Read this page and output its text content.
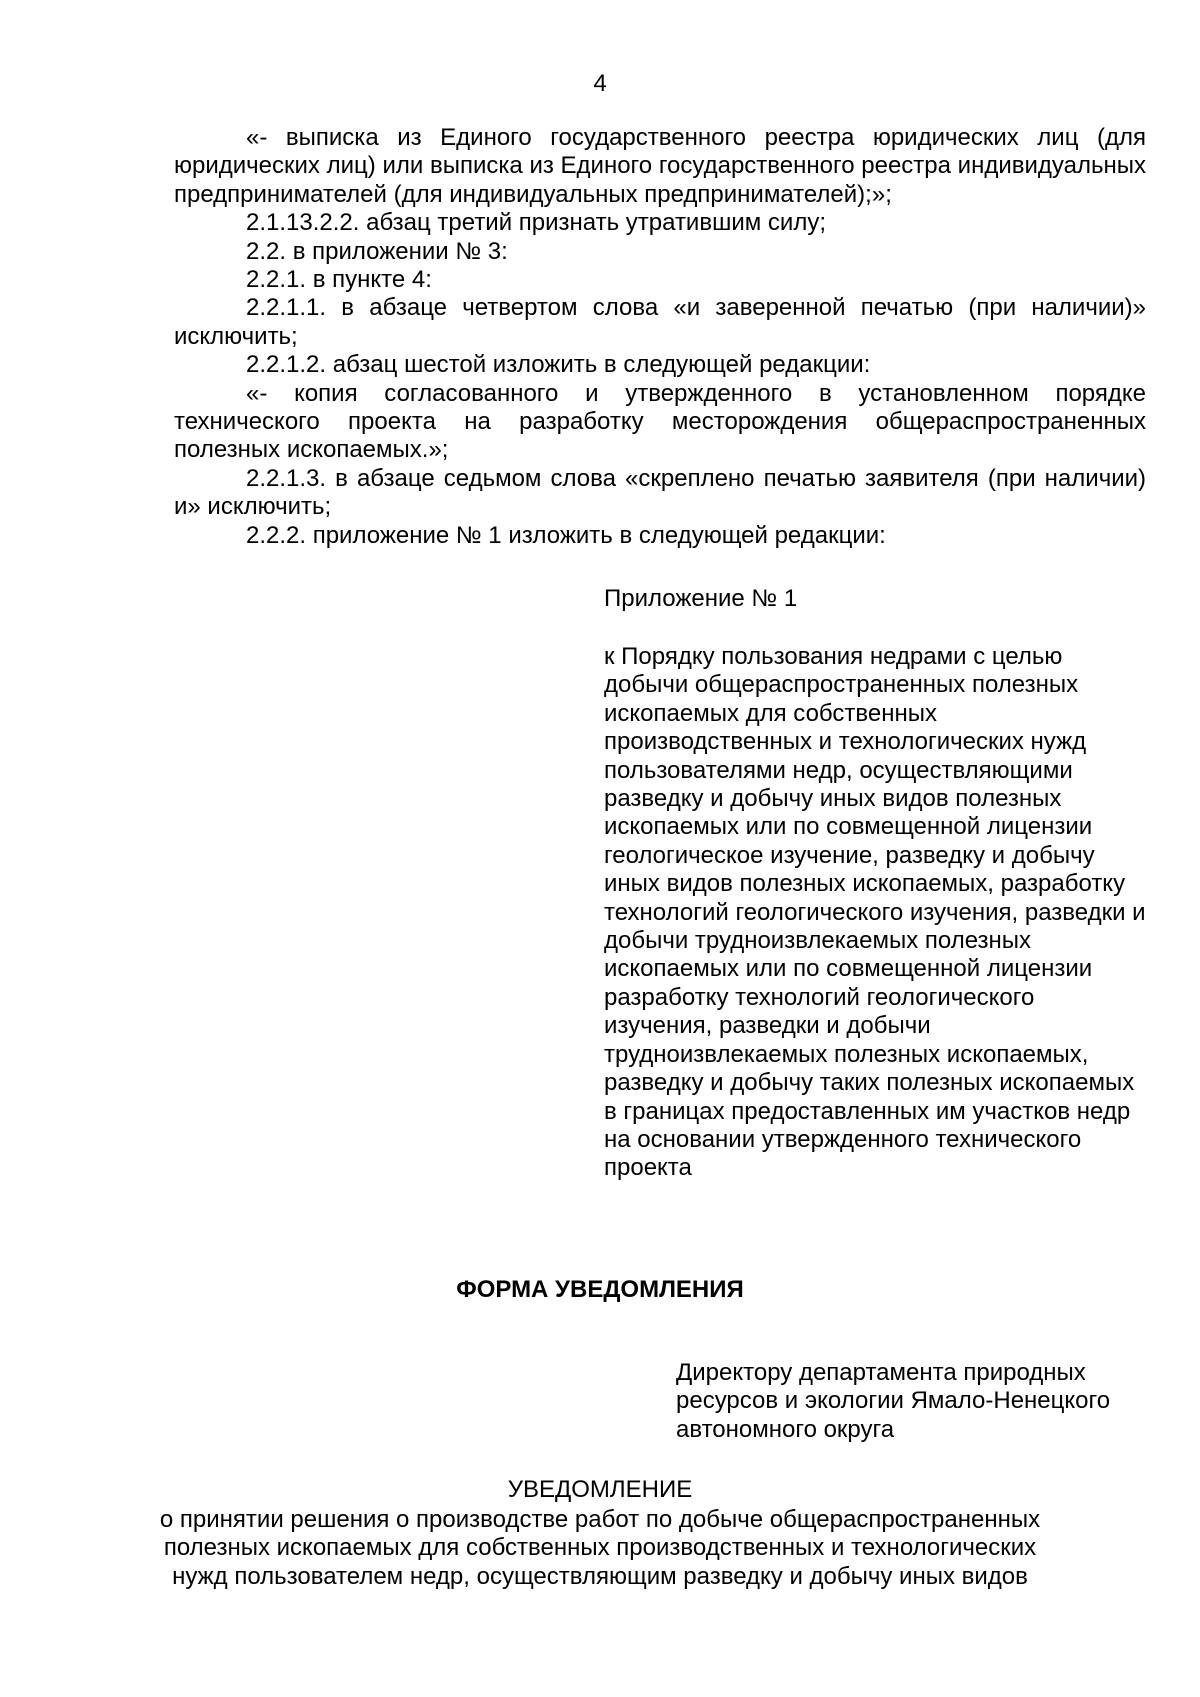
4

«- выписка из Единого государственного реестра юридических лиц (для юридических лиц) или выписка из Единого государственного реестра индивидуальных предпринимателей (для индивидуальных предпринимателей);»;

2.1.13.2.2. абзац третий признать утратившим силу;

2.2. в приложении № 3:

2.2.1. в пункте 4:

2.2.1.1. в абзаце четвертом слова «и заверенной печатью (при наличии)» исключить;

2.2.1.2. абзац шестой изложить в следующей редакции:

«- копия согласованного и утвержденного в установленном порядке технического проекта на разработку месторождения общераспространенных полезных ископаемых.»;

2.2.1.3. в абзаце седьмом слова «скреплено печатью заявителя (при наличии) и» исключить;

2.2.2. приложение № 1 изложить в следующей редакции:

Приложение № 1
к Порядку пользования недрами с целью добычи общераспространенных полезных ископаемых для собственных производственных и технологических нужд пользователями недр, осуществляющими разведку и добычу иных видов полезных ископаемых или по совмещенной лицензии геологическое изучение, разведку и добычу иных видов полезных ископаемых, разработку технологий геологического изучения, разведки и добычи трудноизвлекаемых полезных ископаемых или по совмещенной лицензии разработку технологий геологического изучения, разведки и добычи трудноизвлекаемых полезных ископаемых, разведку и добычу таких полезных ископаемых в границах предоставленных им участков недр на основании утвержденного технического проекта
ФОРМА УВЕДОМЛЕНИЯ
Директору департамента природных ресурсов и экологии Ямало-Ненецкого автономного округа
УВЕДОМЛЕНИЕ
о принятии решения о производстве работ по добыче общераспространенных полезных ископаемых для собственных производственных и технологических нужд пользователем недр, осуществляющим разведку и добычу иных видов
